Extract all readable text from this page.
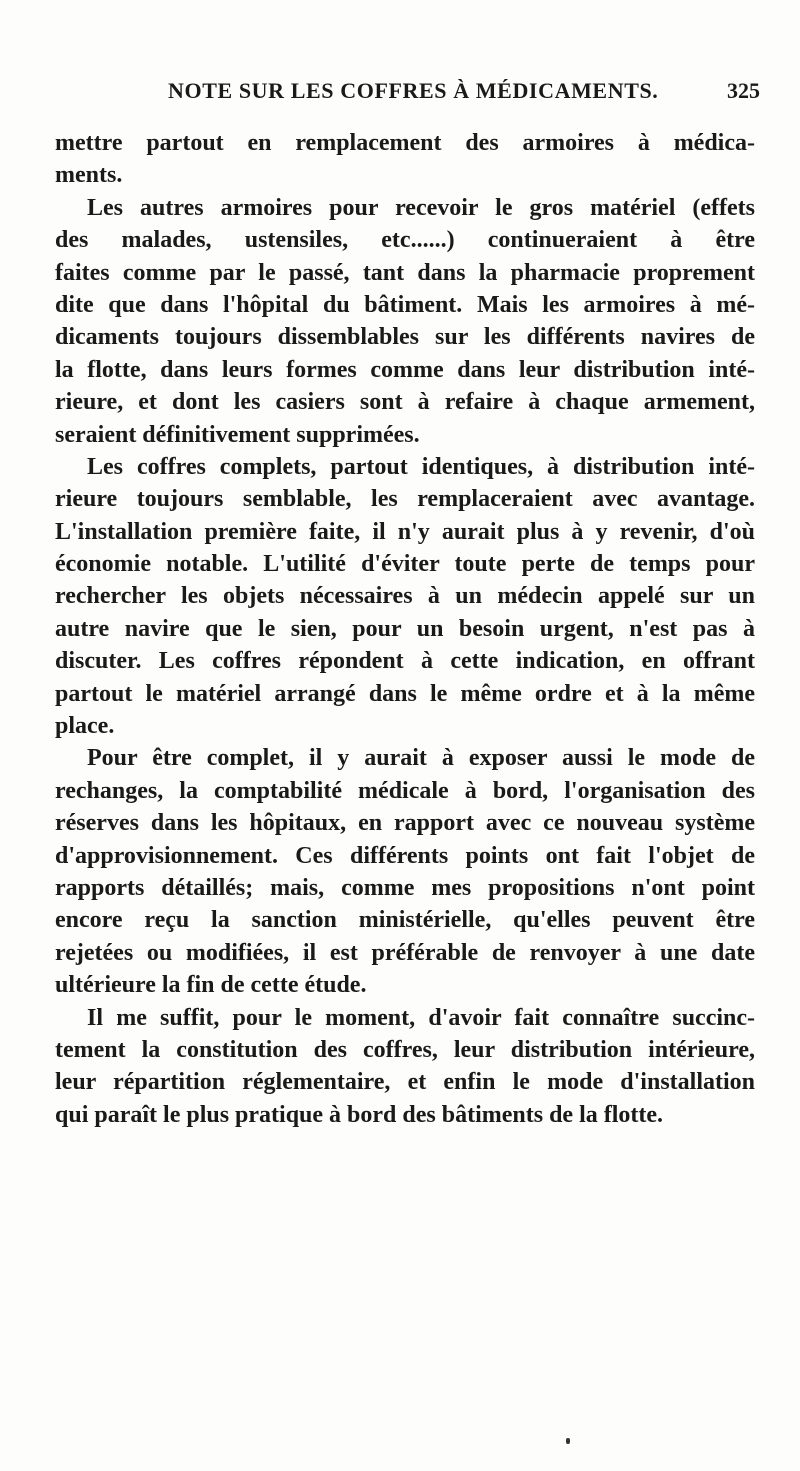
NOTE SUR LES COFFRES À MÉDICAMENTS.	325
mettre partout en remplacement des armoires à médica-
ments.
Les autres armoires pour recevoir le gros matériel (effets
des malades, ustensiles, etc......) continueraient à être
faites comme par le passé, tant dans la pharmacie proprement
dite que dans l'hôpital du bâtiment. Mais les armoires à mé-
dicaments toujours dissemblables sur les différents navires de
la flotte, dans leurs formes comme dans leur distribution inté-
rieure, et dont les casiers sont à refaire à chaque armement,
seraient définitivement supprimées.
Les coffres complets, partout identiques, à distribution inté-
rieure toujours semblable, les remplaceraient avec avantage.
L'installation première faite, il n'y aurait plus à y revenir, d'où
économie notable. L'utilité d'éviter toute perte de temps pour
rechercher les objets nécessaires à un médecin appelé sur un
autre navire que le sien, pour un besoin urgent, n'est pas à
discuter. Les coffres répondent à cette indication, en offrant
partout le matériel arrangé dans le même ordre et à la même
place.
Pour être complet, il y aurait à exposer aussi le mode de
rechanges, la comptabilité médicale à bord, l'organisation des
réserves dans les hôpitaux, en rapport avec ce nouveau système
d'approvisionnement. Ces différents points ont fait l'objet de
rapports détaillés; mais, comme mes propositions n'ont point
encore reçu la sanction ministérielle, qu'elles peuvent être
rejetées ou modifiées, il est préférable de renvoyer à une date
ultérieure la fin de cette étude.
Il me suffit, pour le moment, d'avoir fait connaître succinc-
tement la constitution des coffres, leur distribution intérieure,
leur répartition réglementaire, et enfin le mode d'installation
qui paraît le plus pratique à bord des bâtiments de la flotte.
